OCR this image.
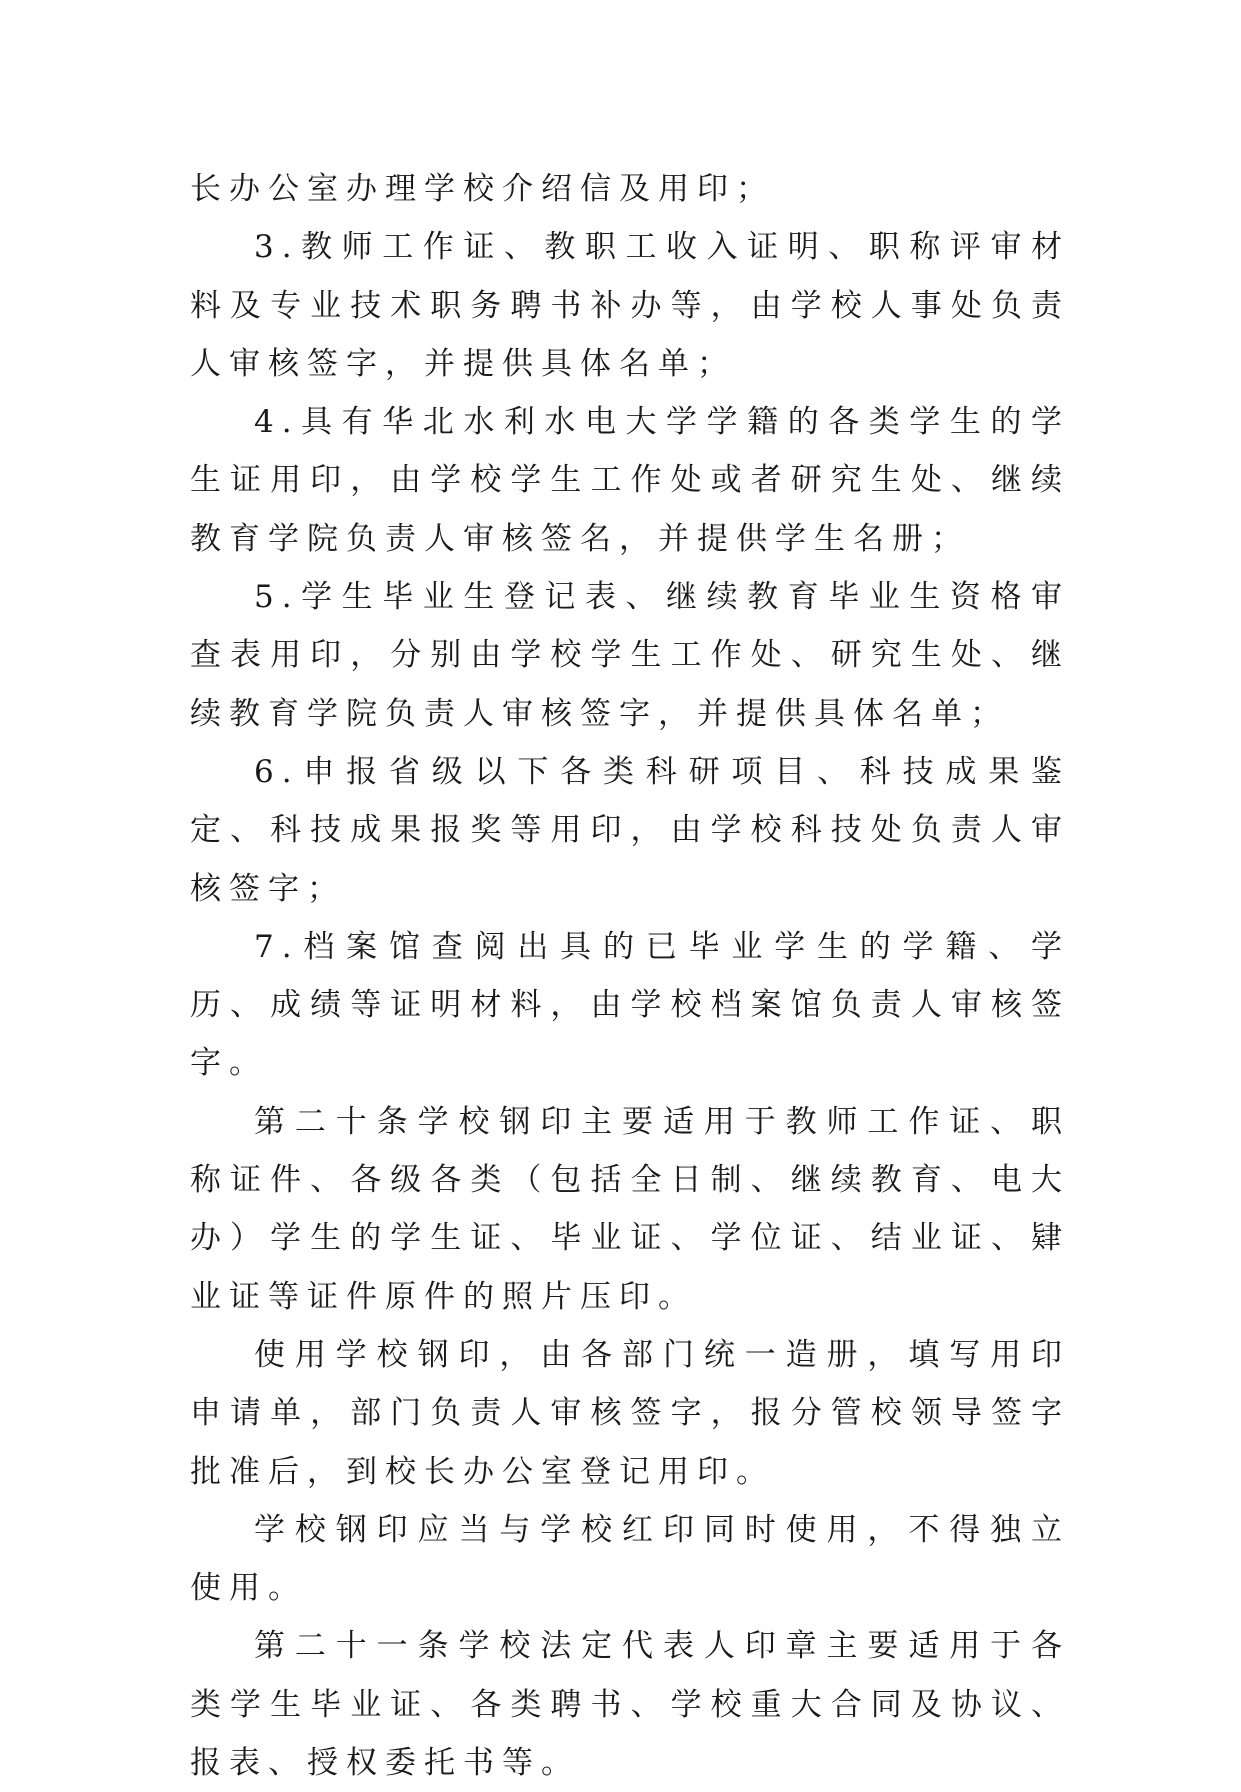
长办公室办理学校介绍信及用印；

3.教师工作证、教职工收入证明、职称评审材料及专业技术职务聘书补办等，由学校人事处负责人审核签字，并提供具体名单；

4.具有华北水利水电大学学籍的各类学生的学生证用印，由学校学生工作处或者研究生处、继续教育学院负责人审核签名，并提供学生名册；

5.学生毕业生登记表、继续教育毕业生资格审查表用印，分别由学校学生工作处、研究生处、继续教育学院负责人审核签字，并提供具体名单；

6.申报省级以下各类科研项目、科技成果鉴定、科技成果报奖等用印，由学校科技处负责人审核签字；

7.档案馆查阅出具的已毕业学生的学籍、学历、成绩等证明材料，由学校档案馆负责人审核签字。

第二十条学校钢印主要适用于教师工作证、职称证件、各级各类（包括全日制、继续教育、电大办）学生的学生证、毕业证、学位证、结业证、肄业证等证件原件的照片压印。

使用学校钢印，由各部门统一造册，填写用印申请单，部门负责人审核签字，报分管校领导签字批准后，到校长办公室登记用印。

学校钢印应当与学校红印同时使用，不得独立使用。

第二十一条学校法定代表人印章主要适用于各类学生毕业证、各类聘书、学校重大合同及协议、报表、授权委托书等。
